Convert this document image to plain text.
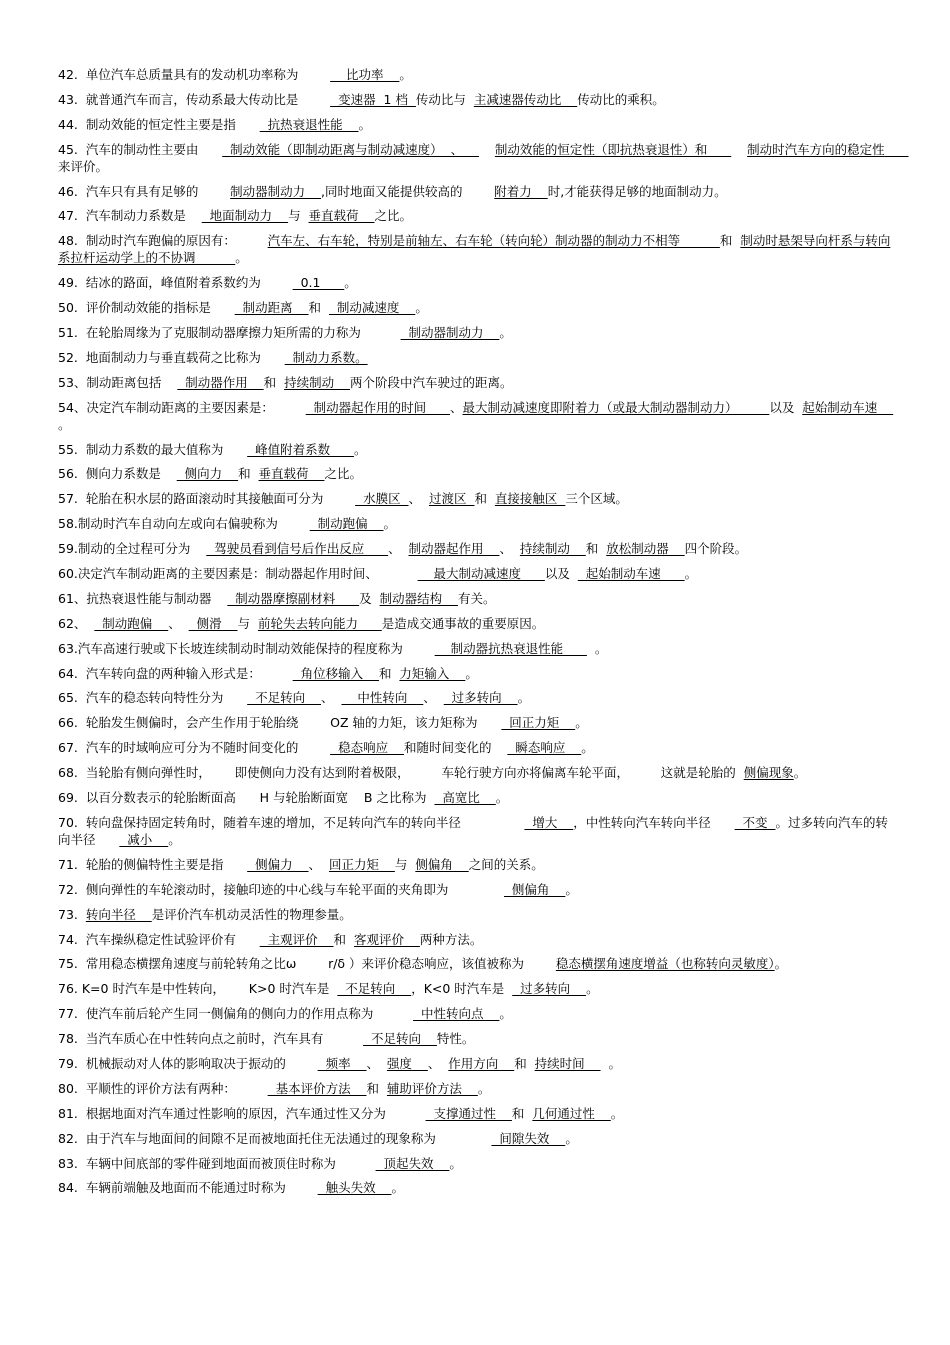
42.  单位汽车总质量具有的发动机功率称为            比功率    。
43.  就普通汽车而言，传动系最大传动比是          变速器  1 档  传动比与  主减速器传动比    传动比的乘积。
44.  制动效能的恒定性主要是指        抗热衰退性能    。
45.  汽车的制动性主要由        制动效能（即制动距离与制动减速度）  、        制动效能的恒定性（即抗热衰退性）和          制动时汽车方向的稳定性      来评价。
46.  汽车只有具有足够的        制动器制动力    ,同时地面又能提供较高的        附着力    时,才能获得足够的地面制动力。
47.  汽车制动力系数是      地面制动力    与  垂直载荷    之比。
48.  制动时汽车跑偏的原因有：        汽车左、右车轮，特别是前轴左、右车轮（转向轮）制动器的制动力不相等          和  制动时悬架导向杆系与转向系拉杆运动学上的不协调          。
49.  结冰的路面，峰值附着系数约为          0.1      。
50.  评价制动效能的指标是        制动距离    和    制动减速度    。
51.  在轮胎周缘为了克服制动器摩擦力矩所需的力称为            制动器制动力    。
52.  地面制动力与垂直载荷之比称为        制动力系数。
53、制动距离包括      制动器作用    和  持续制动    两个阶段中汽车驶过的距离。
54、决定汽车制动距离的主要因素是：          制动器起作用的时间      、最大制动减速度即附着力（或最大制动器制动力）        以及  起始制动车速    。
55.  制动力系数的最大值称为        峰值附着系数      。
56.  侧向力系数是      侧向力    和  垂直载荷    之比。
57.  轮胎在积水层的路面滚动时其接触面可分为          水膜区  、  过渡区  和  直接接触区  三个区域。
58.制动时汽车自动向左或向右偏驶称为          制动跑偏    。
59.制动的全过程可分为      驾驶员看到信号后作出反应      、  制动器起作用    、  持续制动    和  放松制动器    四个阶段。
60.决定汽车制动距离的主要因素是：制动器起作用时间、              最大制动减速度      以及    起始制动车速      。
61、抗热衰退性能与制动器      制动器摩擦副材料      及  制动器结构    有关。
62、    制动跑偏    、    侧滑    与  前轮失去转向能力      是造成交通事故的重要原因。
63.汽车高速行驶或下长坡连续制动时制动效能保持的程度称为            制动器抗热衰退性能        。
64.  汽车转向盘的两种输入形式是：          角位移输入    和  力矩输入    。
65.  汽车的稳态转向特性分为        不足转向    、      中性转向    、    过多转向    。
66.  轮胎发生侧偏时，会产生作用于轮胎绕        OZ 轴的力矩，该力矩称为        回正力矩    。
67.  汽车的时域响应可分为不随时间变化的          稳态响应    和随时间变化的      瞬态响应    。
68.  当轮胎有侧向弹性时，      即使侧向力没有达到附着极限，        车轮行驶方向亦将偏离车轮平面，        这就是轮胎的  侧偏现象。
69.  以百分数表示的轮胎断面高      H 与轮胎断面宽    B 之比称为    高宽比    。
70.  转向盘保持固定转角时，随着车速的增加，不足转向汽车的转向半径                  增大    ，中性转向汽车转向半径        不变  。过多转向汽车的转向半径        减小    。
71.  轮胎的侧偏特性主要是指        侧偏力    、  回正力矩    与  侧偏角    之间的关系。
72.  侧向弹性的车轮滚动时，接触印迹的中心线与车轮平面的夹角即为                侧偏角    。
73.  转向半径    是评价汽车机动灵活性的物理参量。
74.  汽车操纵稳定性试验评价有        主观评价    和  客观评价    两种方法。
75.  常用稳态横摆角速度与前轮转角之比ω        r/δ ）来评价稳态响应，该值被称为        稳态横摆角速度增益（也称转向灵敏度）。
76. K=0 时汽车是中性转向，      K>0 时汽车是    不足转向    ，K<0 时汽车是    过多转向    。
77.  使汽车前后轮产生同一侧偏角的侧向力的作用点称为            中性转向点    。
78.  当汽车质心在中性转向点之前时，汽车具有            不足转向    特性。
79.  机械振动对人体的影响取决于振动的          频率    、  强度    、  作用方向    和  持续时间      。
80.  平顺性的评价方法有两种：          基本评价方法    和  辅助评价方法    。
81.  根据地面对汽车通过性影响的原因，汽车通过性又分为            支撑通过性    和  几何通过性    。
82.  由于汽车与地面间的间隙不足而被地面托住无法通过的现象称为                间隙失效    。
83.  车辆中间底部的零件碰到地面而被顶住时称为            顶起失效    。
84.  车辆前端触及地面而不能通过时称为          触头失效    。
